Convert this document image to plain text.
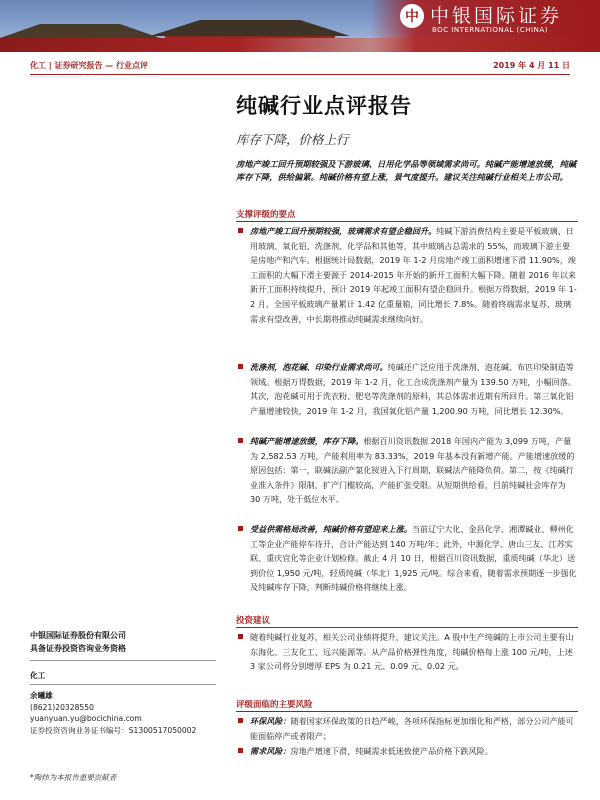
中 中银国际证券
BOC INTERNATIONAL (CHINA)
化工 | 证券研究报告 — 行业点评	2019 年 4 月 11 日
纯碱行业点评报告
库存下降，价格上行
房地产竣工回升预期较强及下游玻璃、日用化学品等领域需求尚可。纯碱产能增速放缓，纯碱库存下降，供给偏紧。纯碱价格有望上涨，景气度提升。建议关注纯碱行业相关上市公司。
支撑评级的要点
房地产竣工回升预期较强，玻璃需求有望企稳回升。纯碱下游消费结构主要是平板玻璃、日用玻璃、氧化铝、洗涤剂、化学品和其他等，其中玻璃占总需求的 55%，而玻璃下游主要是房地产和汽车。根据统计局数据，2019 年 1-2 月房地产竣工面积增速下滑 11.90%，竣工面积的大幅下滑主要源于 2014-2015 年开始的新开工面积大幅下降。随着 2016 年以来新开工面积持续提升，预计 2019 年起竣工面积有望企稳回升。根据万得数据，2019 年 1-2 月，全国平板玻璃产量累计 1.42 亿重量箱，同比增长 7.8%。随着终端需求复苏，玻璃需求有望改善，中长期将推动纯碱需求继续向好。
洗涤剂，泡花碱、印染行业需求尚可。纯碱还广泛应用于洗涤剂、泡花碱、布匹印染制造等领域。根据万得数据，2019 年 1-2 月，化工合成洗涤剂产量为 139.50 万吨，小幅回落。其次，泡花碱可用于洗衣粉、肥皂等洗涤剂的原料，其总体需求近期有所回升。第三氧化铝产量增速较快，2019 年 1-2 月，我国氧化铝产量 1,200.90 万吨，同比增长 12.30%。
纯碱产能增速放缓，库存下降。根据百川资讯数据 2018 年国内产能为 3,099 万吨，产量为 2,582.53 万吨，产能利用率为 83.33%，2019 年基本没有新增产能。产能增速放缓的原因包括：第一，联碱法副产氯化铵进入下行周期，联碱法产能降负荷。第二，按《纯碱行业准入条件》限制，扩产门槛较高，产能扩张受限。从短期供给看，目前纯碱社会库存为 30 万吨，处于低位水平。
受益供需格局改善，纯碱价格有望迎来上涨。当前辽宁大化、金昌化学、湘潭碱业、柳州化工等企业产能停车待开，合计产能达到 140 万吨/年；此外，中源化学、唐山三友、江苏实联、重庆宜化等企业计划检修。截止 4 月 10 日，根据百川资讯数据，重质纯碱（华北）送到价位 1,950 元/吨，轻质纯碱（华北）1,925 元/吨。综合来看，随着需求预期逐一步强化及纯碱库存下降，判断纯碱价格将继续上涨。
投资建议
随着纯碱行业复苏，相关公司业绩将提升，建议关注。A 股中生产纯碱的上市公司主要有山东海化、三友化工、远兴能源等。从产品价格弹性角度，纯碱价格每上涨 100 元/吨，上述 3 家公司将分别增厚 EPS 为 0.21 元、0.09 元、0.02 元。
评级面临的主要风险
环保风险：随着国家环保政策的日趋严峻，各项环保指标更加细化和严格，部分公司产能可能面临停产或者限产；
需求风险：房地产增速下滑，纯碱需求低迷致使产品价格下跌风险。
中银国际证券股份有限公司
具备证券投资咨询业务资格
化工
余曦雄
(8621)20328550
yuanyuan.yu@bocichina.com
证券投资咨询业务证书编号：S1300517050002
*陶炜为本报告重要贡献者
